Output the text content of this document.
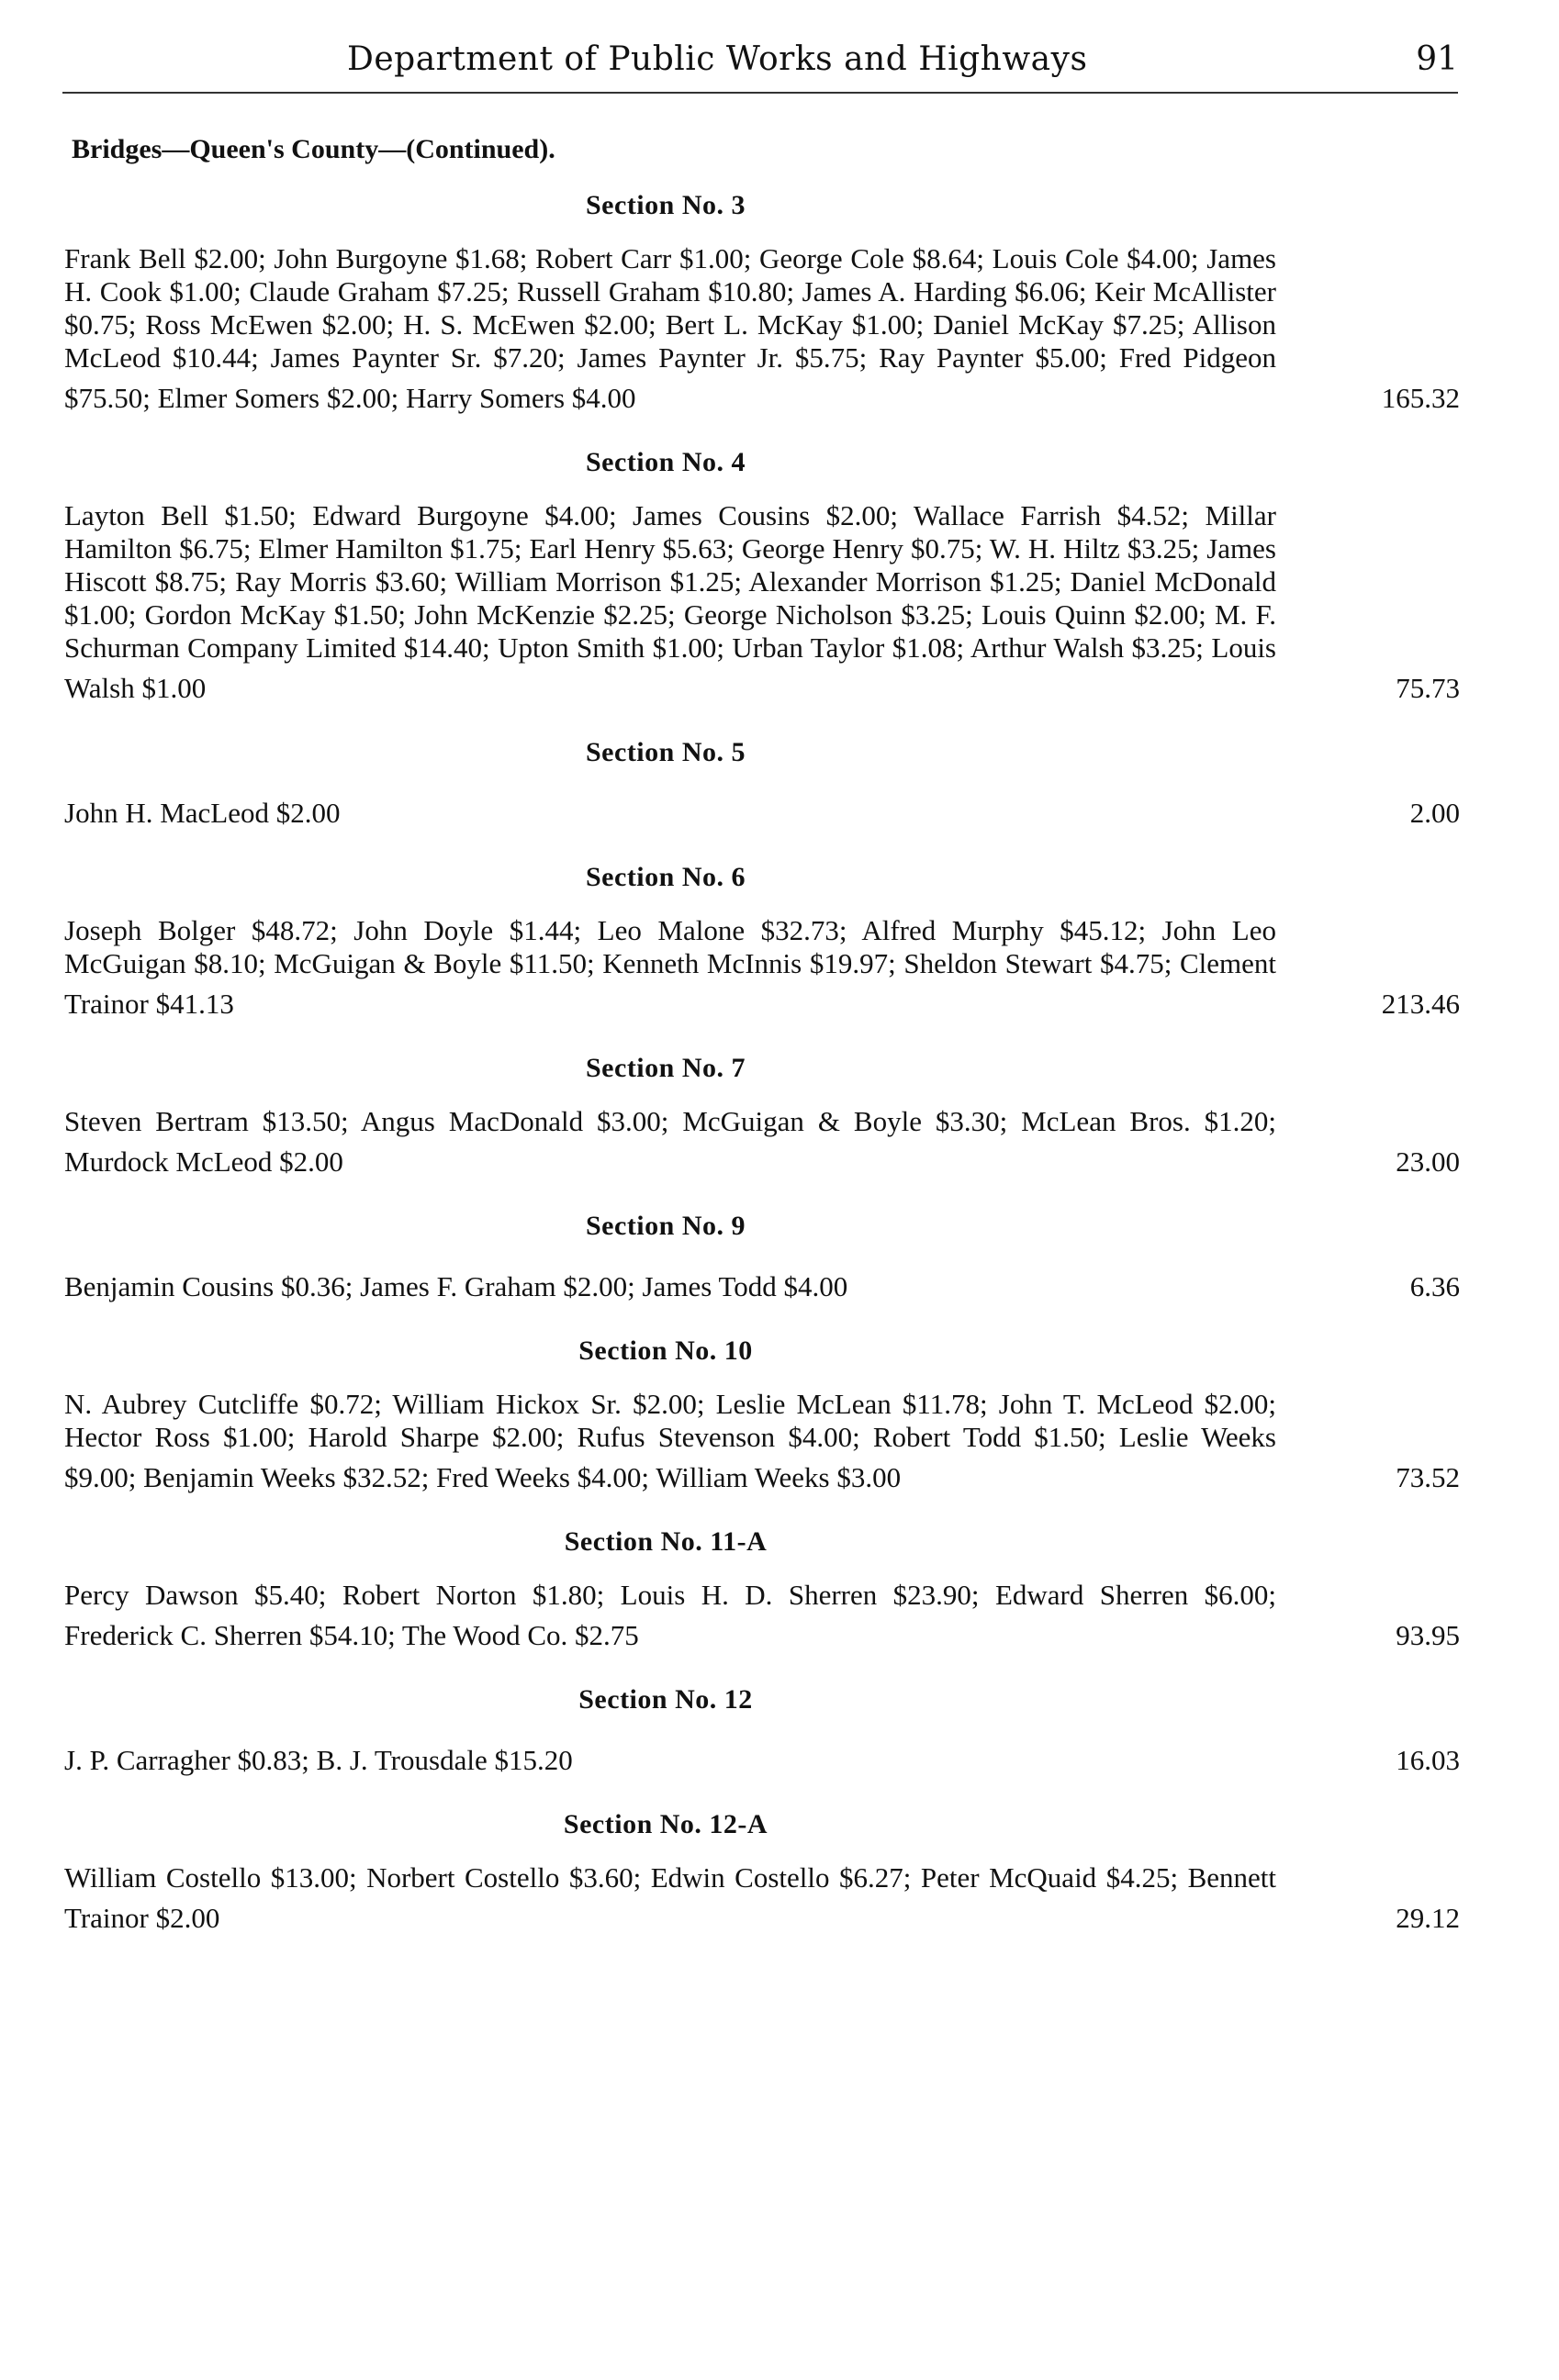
Department of Public Works and Highways	91
Bridges—Queen's County—(Continued).
Section No. 3
Frank Bell $2.00; John Burgoyne $1.68; Robert Carr $1.00; George Cole $8.64; Louis Cole $4.00; James H. Cook $1.00; Claude Graham $7.25; Russell Graham $10.80; James A. Harding $6.06; Keir McAllister $0.75; Ross McEwen $2.00; H. S. McEwen $2.00; Bert L. McKay $1.00; Daniel McKay $7.25; Allison McLeod $10.44; James Paynter Sr. $7.20; James Paynter Jr. $5.75; Ray Paynter $5.00; Fred Pidgeon $75.50; Elmer Somers $2.00; Harry Somers $4.00	165.32
Section No. 4
Layton Bell $1.50; Edward Burgoyne $4.00; James Cousins $2.00; Wallace Farrish $4.52; Millar Hamilton $6.75; Elmer Hamilton $1.75; Earl Henry $5.63; George Henry $0.75; W. H. Hiltz $3.25; James Hiscott $8.75; Ray Morris $3.60; William Morrison $1.25; Alexander Morrison $1.25; Daniel McDonald $1.00; Gordon McKay $1.50; John McKenzie $2.25; George Nicholson $3.25; Louis Quinn $2.00; M. F. Schurman Company Limited $14.40; Upton Smith $1.00; Urban Taylor $1.08; Arthur Walsh $3.25; Louis Walsh $1.00	75.73
Section No. 5
John H. MacLeod $2.00	2.00
Section No. 6
Joseph Bolger $48.72; John Doyle $1.44; Leo Malone $32.73; Alfred Murphy $45.12; John Leo McGuigan $8.10; McGuigan & Boyle $11.50; Kenneth McInnis $19.97; Sheldon Stewart $4.75; Clement Trainor $41.13	213.46
Section No. 7
Steven Bertram $13.50; Angus MacDonald $3.00; McGuigan & Boyle $3.30; McLean Bros. $1.20; Murdock McLeod $2.00	23.00
Section No. 9
Benjamin Cousins $0.36; James F. Graham $2.00; James Todd $4.00	6.36
Section No. 10
N. Aubrey Cutcliffe $0.72; William Hickox Sr. $2.00; Leslie McLean $11.78; John T. McLeod $2.00; Hector Ross $1.00; Harold Sharpe $2.00; Rufus Stevenson $4.00; Robert Todd $1.50; Leslie Weeks $9.00; Benjamin Weeks $32.52; Fred Weeks $4.00; William Weeks $3.00	73.52
Section No. 11-A
Percy Dawson $5.40; Robert Norton $1.80; Louis H. D. Sherren $23.90; Edward Sherren $6.00; Frederick C. Sherren $54.10; The Wood Co. $2.75	93.95
Section No. 12
J. P. Carragher $0.83; B. J. Trousdale $15.20	16.03
Section No. 12-A
William Costello $13.00; Norbert Costello $3.60; Edwin Costello $6.27; Peter McQuaid $4.25; Bennett Trainor $2.00	29.12
